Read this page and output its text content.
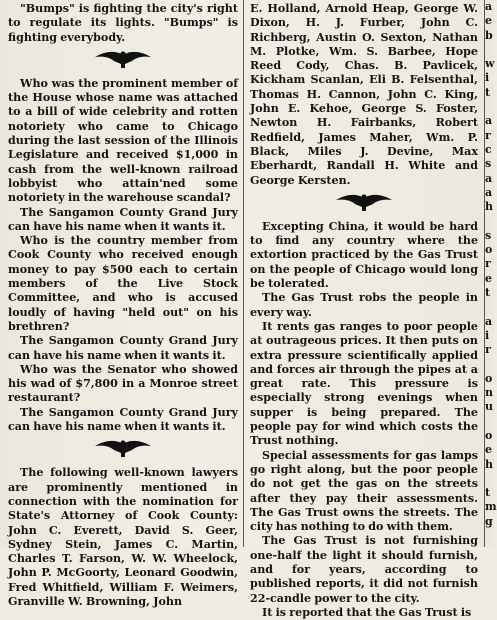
"Bumps" is fighting the city's right to regulate its lights. "Bumps" is fighting everybody.

Who was the prominent member of the House whose name was attached to a bill of wide celebrity and rotten notoriety who came to Chicago during the last session of the Illinois Legislature and received $1,000 in cash from the well-known railroad lobbyist who attain'ned some notoriety in the warehouse scandal?

The Sangamon County Grand Jury can have his name when it wants it.

Who is the country member from Cook County who received enough money to pay $500 each to certain members of the Live Stock Committee, and who is accused loudly of having "held out" on his brethren?

The Sangamon County Grand Jury can have his name when it wants it.

Who was the Senator who showed his wad of $7,800 in a Monroe street restaurant?

The Sangamon County Grand Jury can have his name when it wants it.

The following well-known lawyers are prominently mentioned in connection with the nomination for State's Attorney of Cook County: John C. Everett, David S. Geer, Sydney Stein, James C. Martin, Charles T. Farson, W. W. Wheelock, John P. McGoorty, Leonard Goodwin, Fred Whitfield, William F. Weimers, Granville W. Browning, John

E. Holland, Arnold Heap, George W. Dixon, H. J. Furber, John C. Richberg, Austin O. Sexton, Nathan M. Plotke, Wm. S. Barbee, Hope Reed Cody, Chas. B. Pavlicek, Kickham Scanlan, Eli B. Felsenthal, Thomas H. Cannon, John C. King, John E. Kehoe, George S. Foster, Newton H. Fairbanks, Robert Redfield, James Maher, Wm. P. Black, Miles J. Devine, Max Eberhardt, Randall H. White and George Kersten.

Excepting China, it would be hard to find any country where the extortion practiced by the Gas Trust on the people of Chicago would long be tolerated.

The Gas Trust robs the people in every way.

It rents gas ranges to poor people at outrageous prices. It then puts on extra pressure scientifically applied and forces air through the pipes at a great rate. This pressure is especially strong evenings when supper is being prepared. The people pay for wind which costs the Trust nothing.

Special assessments for gas lamps go right along, but the poor people do not get the gas on the streets after they pay their assessments. The Gas Trust owns the streets. The city has nothing to do with them.

The Gas Trust is not furnishing one-half the light it should furnish, and for years, according to published reports, it did not furnish 22-candle power to the city.

It is reported that the Gas Trust is

a
e
b

w
i
t

a
r
c
s
a
a
h

s
o
r
e
t

a
i
r

o
n
u

o
e
h

t
m
g
